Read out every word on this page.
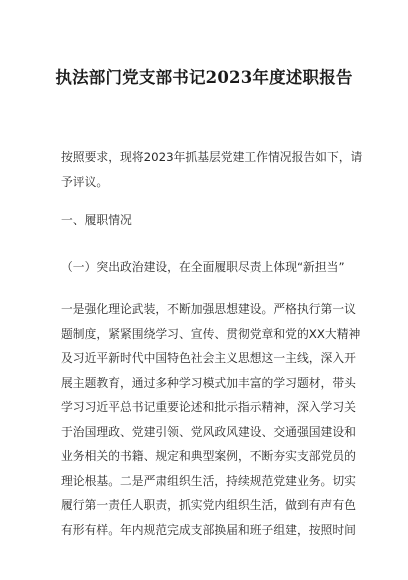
执法部门党支部书记2023年度述职报告
按照要求，现将2023年抓基层党建工作情况报告如下，请
予评议。
一、履职情况
（一）突出政治建设，在全面履职尽责上体现“新担当”
一是强化理论武装，不断加强思想建设。严格执行第一议
题制度，紧紧围绕学习、宣传、贯彻党章和党的XX大精神
及习近平新时代中国特色社会主义思想这一主线，深入开
展主题教育，通过多种学习模式加丰富的学习题材，带头
学习习近平总书记重要论述和批示指示精神，深入学习关
于治国理政、党建引领、党风政风建设、交通强国建设和
业务相关的书籍、规定和典型案例，不断夯实支部党员的
理论根基。二是严肃组织生活，持续规范党建业务。切实
履行第一责任人职责，抓实党内组织生活，做到有声有色
有形有样。年内规范完成支部换届和班子组建，按照时间
